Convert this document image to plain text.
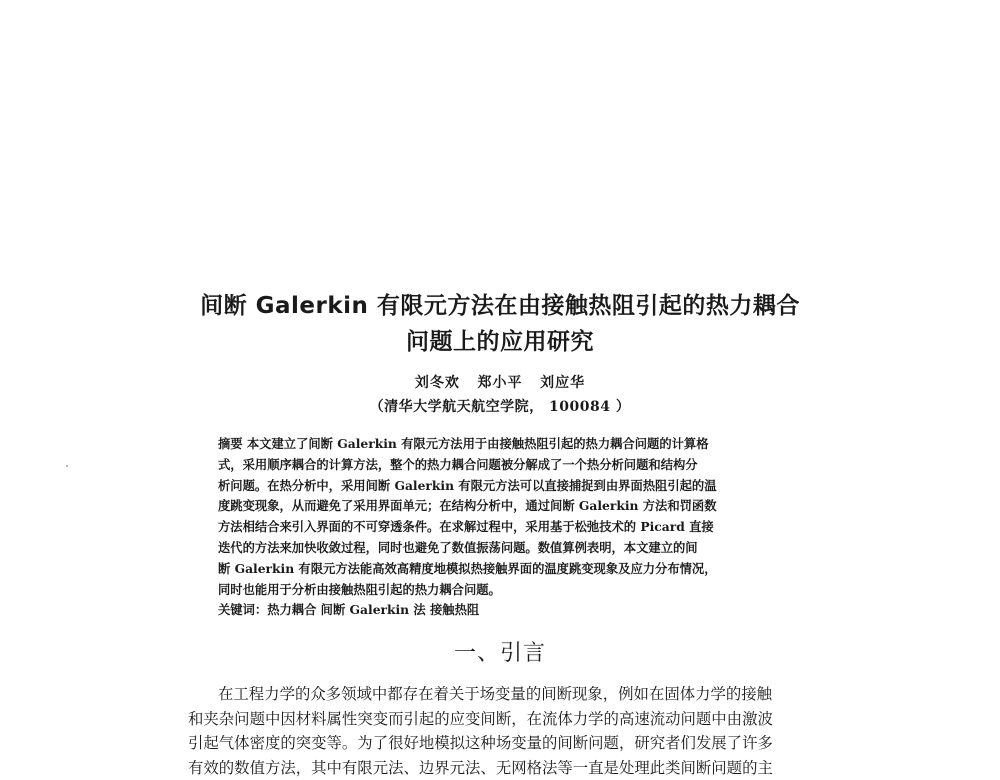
间断 Galerkin 有限元方法在由接触热阻引起的热力耦合
问题上的应用研究
刘冬欢   郑小平   刘应华
（清华大学航天航空学院， 100084 ）
摘要 本文建立了间断 Galerkin 有限元方法用于由接触热阻引起的热力耦合问题的计算格
式，采用顺序耦合的计算方法，整个的热力耦合问题被分解成了一个热分析问题和结构分
析问题。在热分析中，采用间断 Galerkin 有限元方法可以直接捕捉到由界面热阻引起的温
度跳变现象，从而避免了采用界面单元；在结构分析中，通过间断 Galerkin 方法和罚函数
方法相结合来引入界面的不可穿透条件。在求解过程中，采用基于松弛技术的 Picard 直接
迭代的方法来加快收敛过程，同时也避免了数值振荡问题。数值算例表明，本文建立的间
断 Galerkin 有限元方法能高效高精度地模拟热接触界面的温度跳变现象及应力分布情况，
同时也能用于分析由接触热阻引起的热力耦合问题。
关键词：热力耦合 间断 Galerkin 法 接触热阻
一、引言
在工程力学的众多领域中都存在着关于场变量的间断现象，例如在固体力学的接触
和夹杂问题中因材料属性突变而引起的应变间断，在流体力学的高速流动问题中由激波
引起气体密度的突变等。为了很好地模拟这种场变量的间断问题，研究者们发展了许多
有效的数值方法，其中有限元法、边界元法、无网格法等一直是处理此类间断问题的主
